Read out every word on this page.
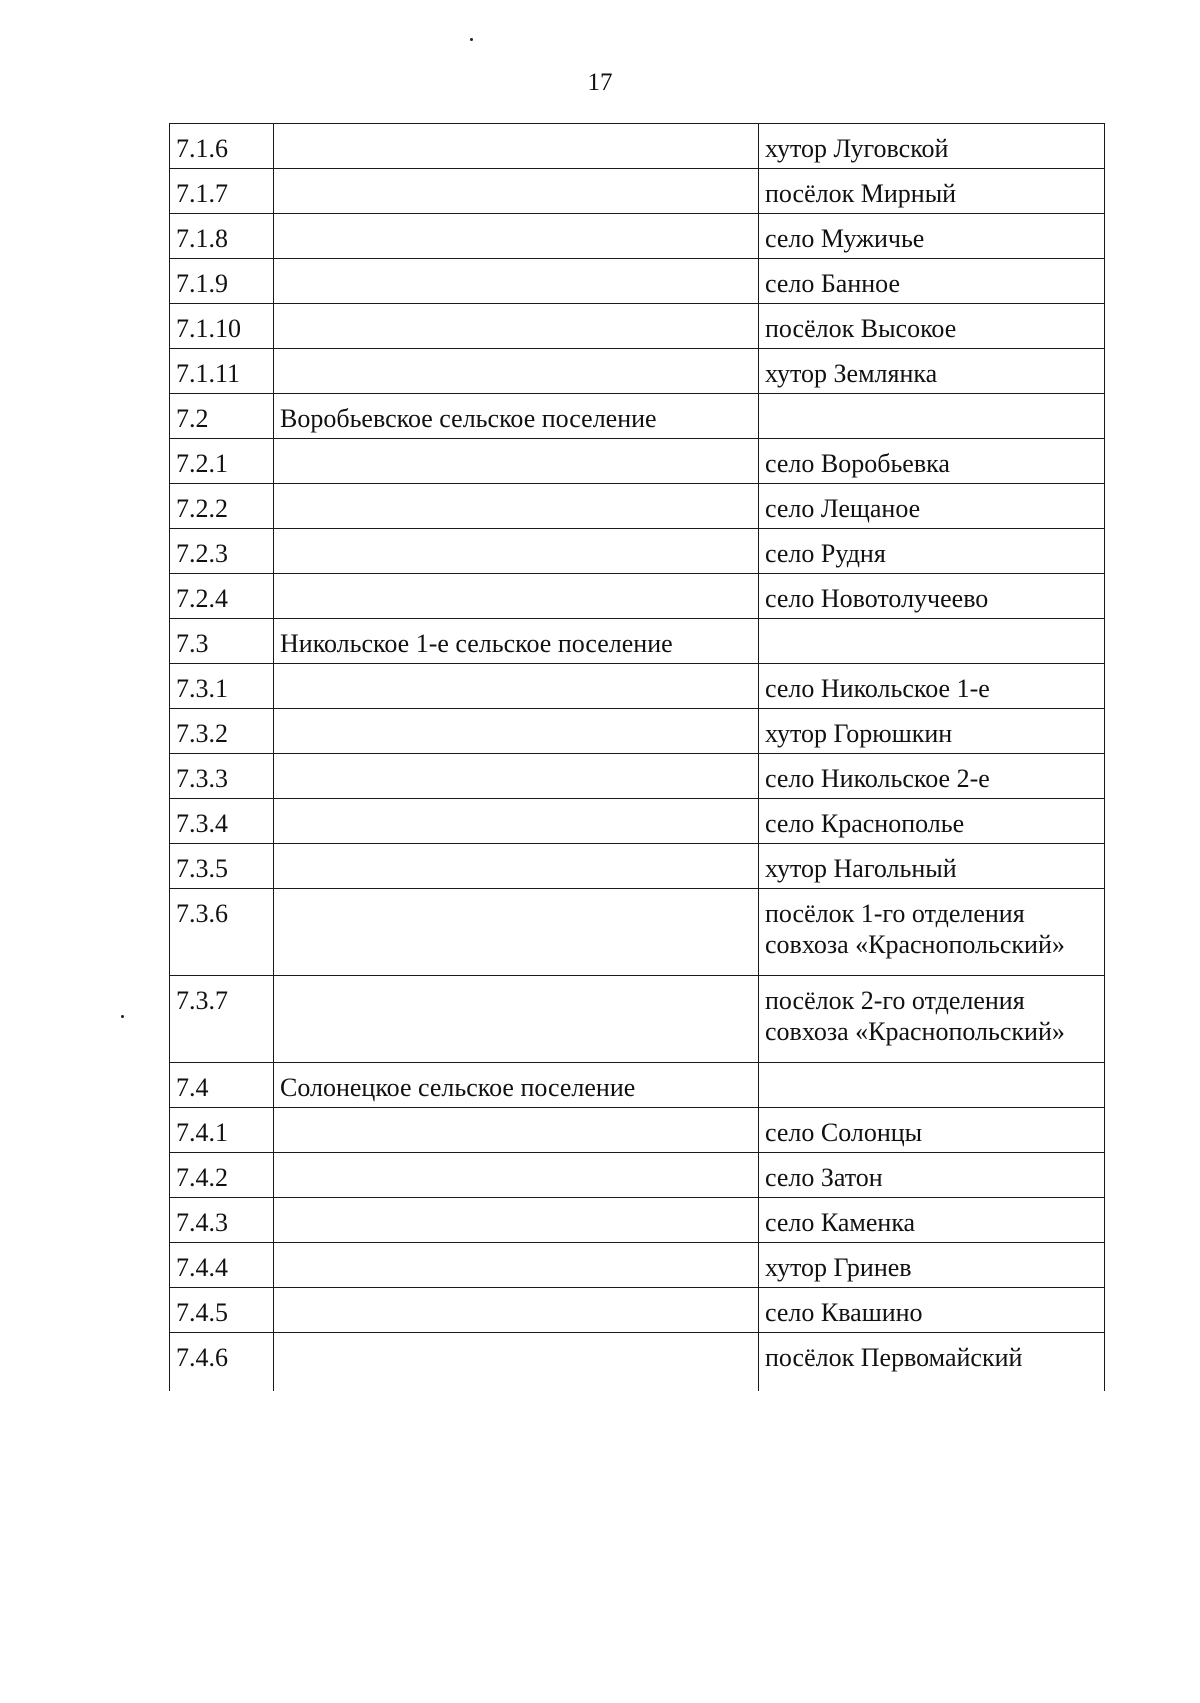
17
7.1.6		хутор Луговской
7.1.7		посёлок Мирный
7.1.8		село Мужичье
7.1.9		село Банное
7.1.10		посёлок Высокое
7.1.11		хутор Землянка
7.2	Воробьевское сельское поселение	
7.2.1		село Воробьевка
7.2.2		село Лещаное
7.2.3		село Рудня
7.2.4		село Новотолучеево
7.3	Никольское 1-е сельское поселение	
7.3.1		село Никольское 1-е
7.3.2		хутор Горюшкин
7.3.3		село Никольское 2-е
7.3.4		село Краснополье
7.3.5		хутор Нагольный
7.3.6		посёлок 1-го отделения совхоза «Краснопольский»
7.3.7		посёлок 2-го отделения совхоза «Краснопольский»
7.4	Солонецкое сельское поселение	
7.4.1		село Солонцы
7.4.2		село Затон
7.4.3		село Каменка
7.4.4		хутор Гринев
7.4.5		село Квашино
7.4.6		посёлок Первомайский
